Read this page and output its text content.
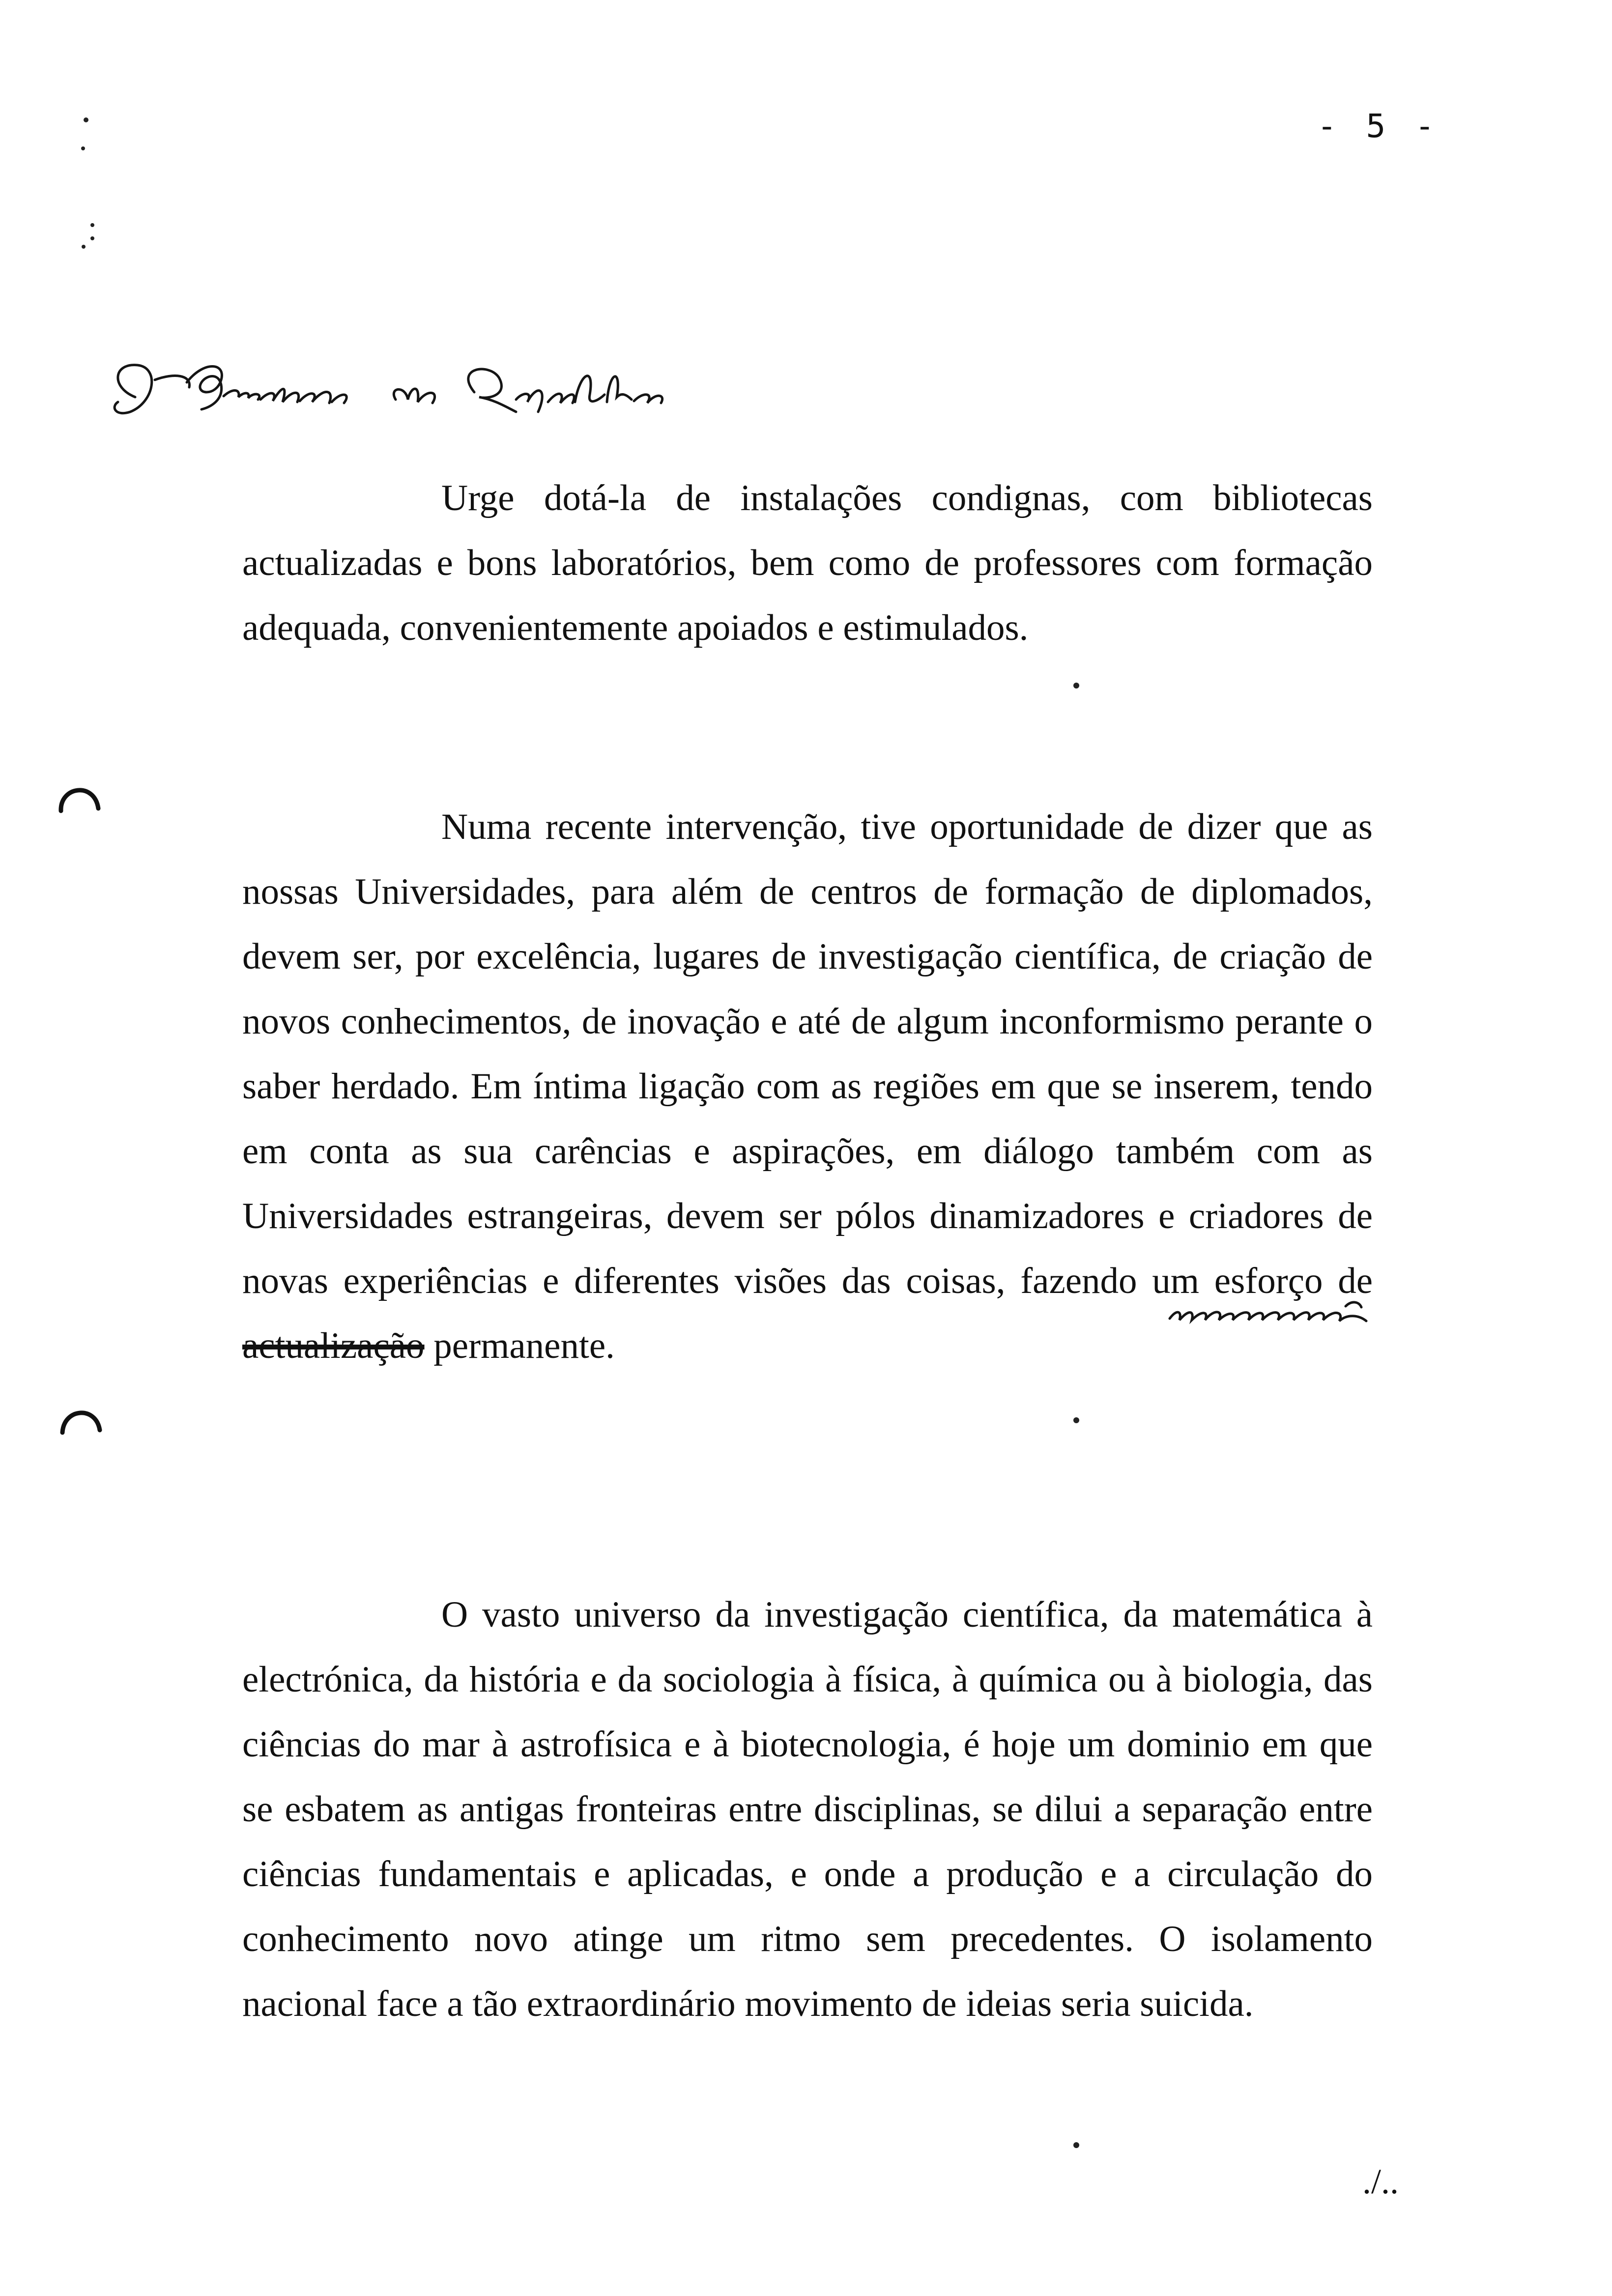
- 5 -

Urge dotá-la de instalações condignas, com bibliotecas actualizadas e bons laboratórios, bem como de professores com formação adequada, convenientemente apoiados e estimulados.

Numa recente intervenção, tive oportunidade de dizer que as nossas Universidades, para além de centros de formação de diplomados, devem ser, por excelência, lugares de investigação científica, de criação de novos conhecimentos, de inovação e até de algum inconformismo perante o saber herdado. Em íntima ligação com as regiões em que se inserem, tendo em conta as sua carências e aspirações, em diálogo também com as Universidades estrangeiras, devem ser pólos dinamizadores e criadores de novas experiências e diferentes visões das coisas, fazendo um esforço de actualização permanente.

O vasto universo da investigação científica, da matemática à electrónica, da história e da sociologia à física, à química ou à biologia, das ciências do mar à astrofísica e à biotecnologia, é hoje um dominio em que se esbatem as antigas fronteiras entre disciplinas, se dilui a separação entre ciências fundamentais e aplicadas, e onde a produção e a circulação do conhecimento novo atinge um ritmo sem precedentes. O isolamento nacional face a tão extraordinário movimento de ideias seria suicida.

./..
